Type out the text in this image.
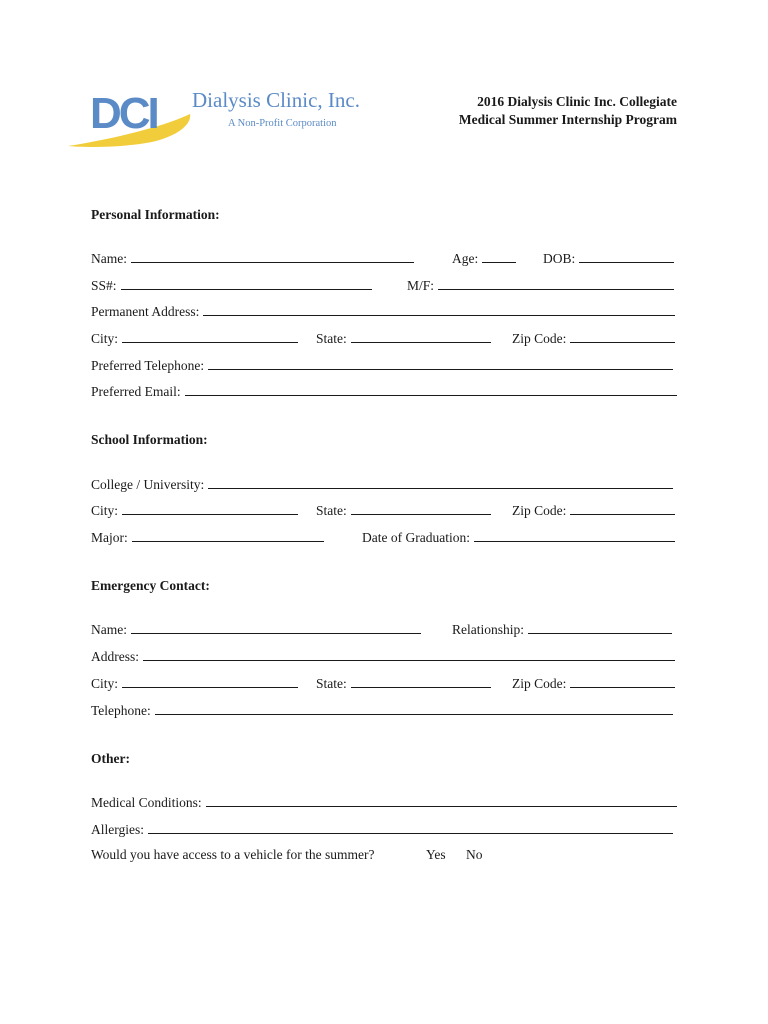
DCI Dialysis Clinic, Inc.
A Non-Profit Corporation
2016 Dialysis Clinic Inc. Collegiate
Medical Summer Internship Program
Personal Information:
Name:	Age:	DOB:
SS#:	M/F:
Permanent Address:
City:	State:	Zip Code:
Preferred Telephone:
Preferred Email:
School Information:
College / University:
City:	State:	Zip Code:
Major:	Date of Graduation:
Emergency Contact:
Name:	Relationship:
Address:
City:	State:	Zip Code:
Telephone:
Other:
Medical Conditions:
Allergies:
Would you have access to a vehicle for the summer?	Yes No
